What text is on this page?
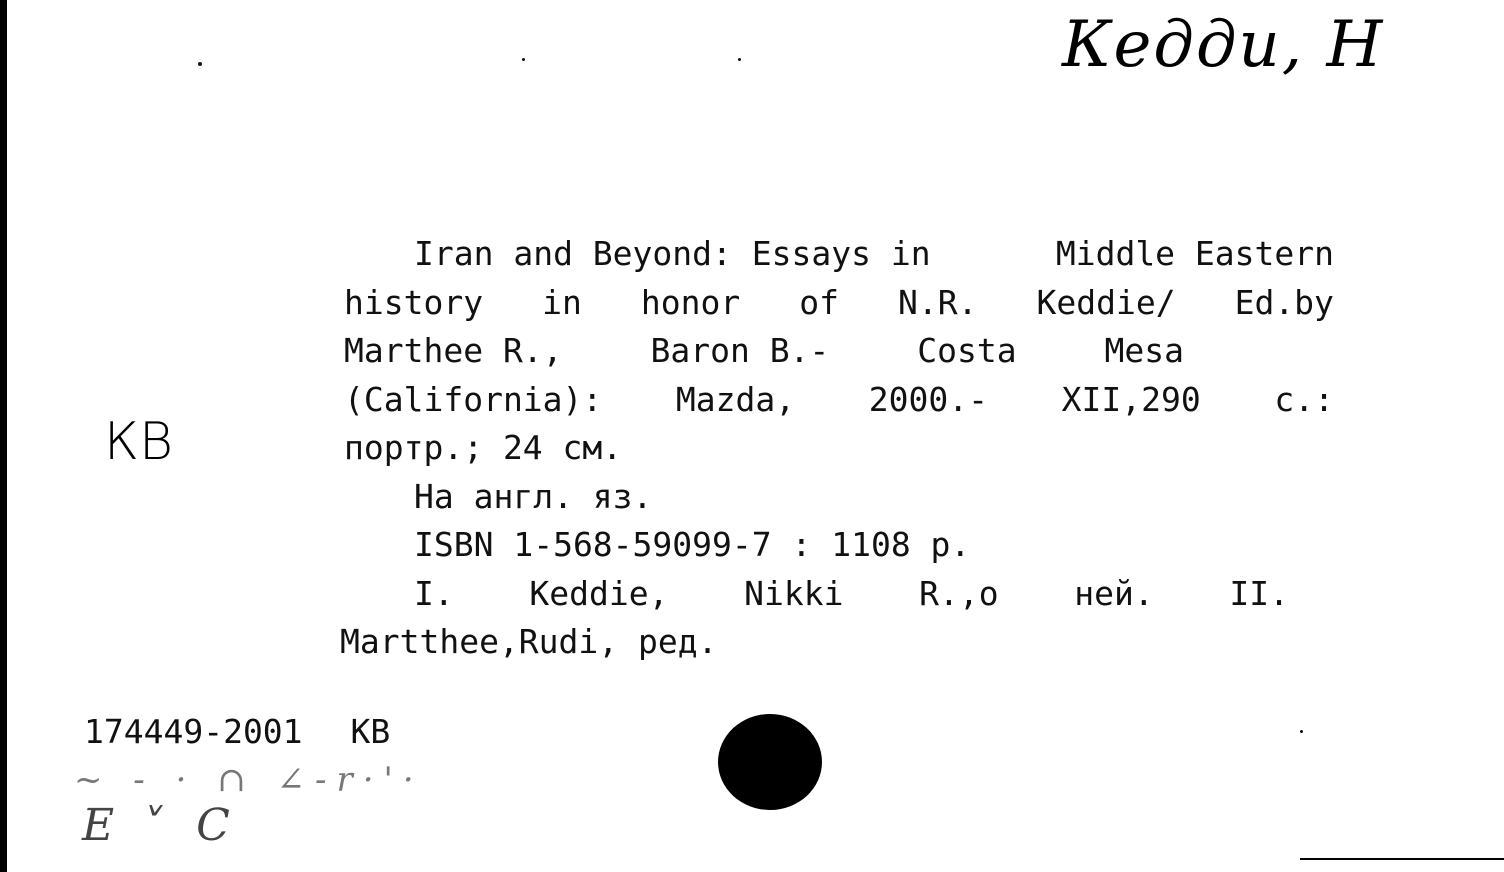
Кеддu, Н
КВ
Iran and Beyond: Essays in	Middle Eastern
history in honor of N.R. Keddie/ Ed.by
Marthee R.,	Baron B.-	Costa	Mesa
(California): Mazda, 2000.- XII,290 c.:
портр.; 24 см.
На англ. яз.
ISBN 1-568-59099-7 : 1108 р.
I. Keddie, Nikki R.,о ней. II.
Martthee,Rudi, ред.
174449-2001 КВ
~ - · ∩ ∠-r·'·
Е ˅ С
